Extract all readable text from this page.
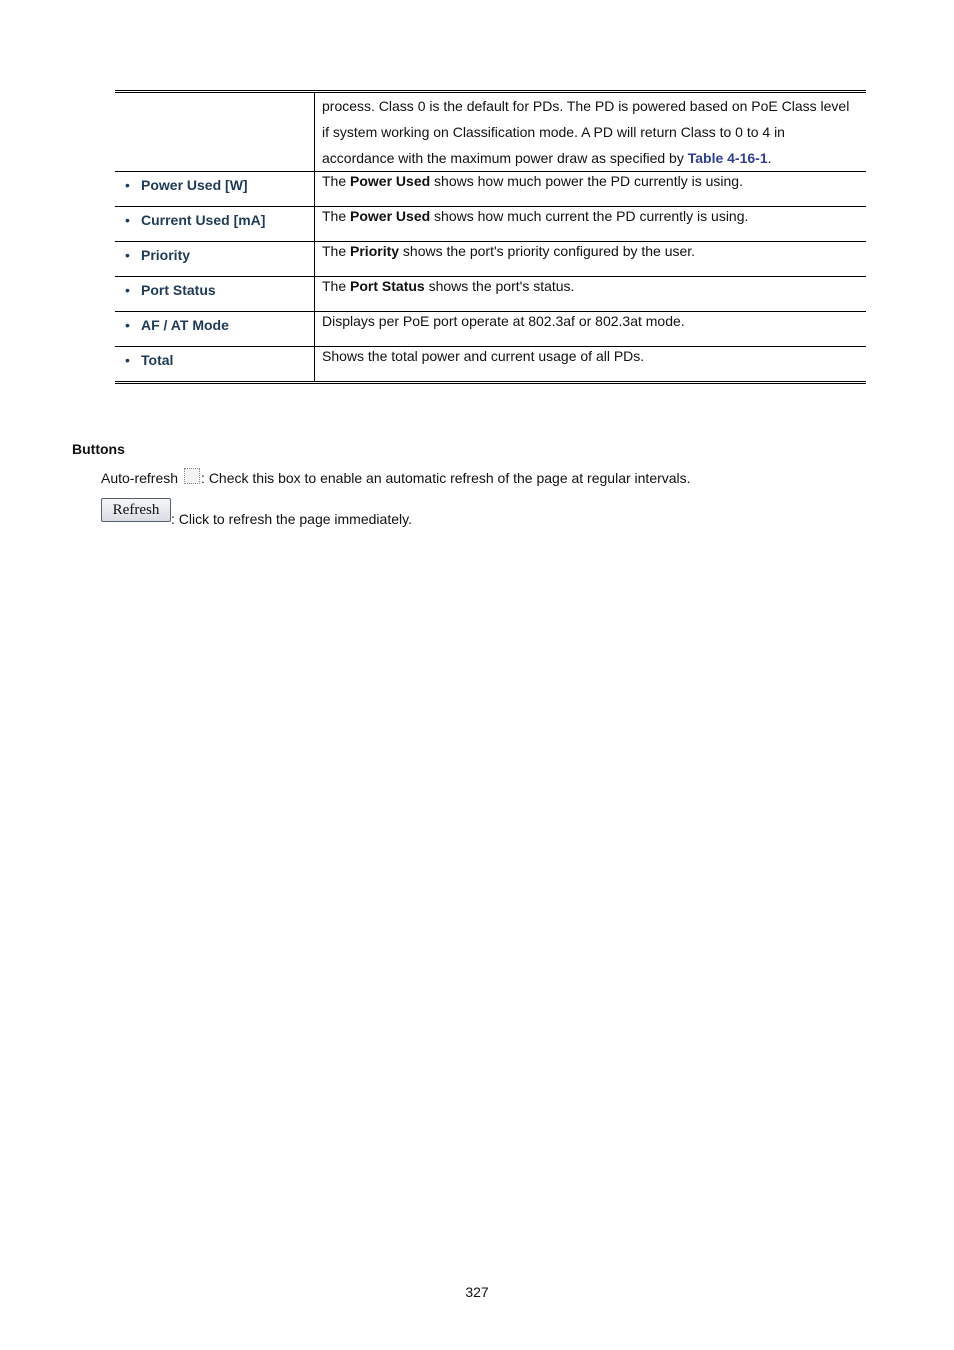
	process. Class 0 is the default for PDs. The PD is powered based on PoE Class level if system working on Classification mode. A PD will return Class to 0 to 4 in accordance with the maximum power draw as specified by Table 4-16-1.

• Power Used [W]	The Power Used shows how much power the PD currently is using.

• Current Used [mA]	The Power Used shows how much current the PD currently is using.

• Priority	The Priority shows the port's priority configured by the user.

• Port Status	The Port Status shows the port's status.

• AF / AT Mode	Displays per PoE port operate at 802.3af or 802.3at mode.

• Total	Shows the total power and current usage of all PDs.
Buttons
Auto-refresh : Check this box to enable an automatic refresh of the page at regular intervals.
Refresh: Click to refresh the page immediately.
327
